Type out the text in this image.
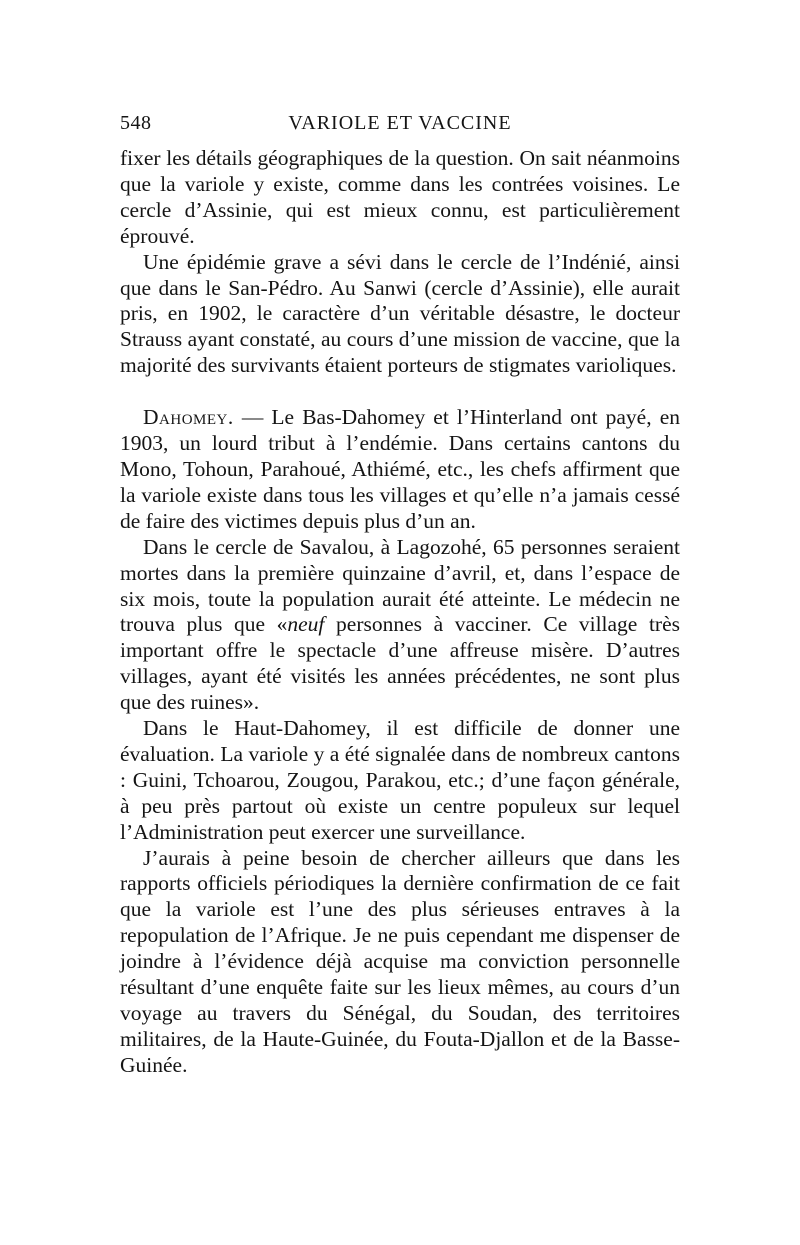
548	VARIOLE ET VACCINE

fixer les détails géographiques de la question. On sait néanmoins que la variole y existe, comme dans les contrées voisines. Le cercle d’Assinie, qui est mieux connu, est particulièrement éprouvé.

Une épidémie grave a sévi dans le cercle de l’Indénié, ainsi que dans le San-Pédro. Au Sanwi (cercle d’Assinie), elle aurait pris, en 1902, le caractère d’un véritable désastre, le docteur Strauss ayant constaté, au cours d’une mission de vaccine, que la majorité des survivants étaient porteurs de stigmates varioliques.

Dahomey. — Le Bas-Dahomey et l’Hinterland ont payé, en 1903, un lourd tribut à l’endémie. Dans certains cantons du Mono, Tohoun, Parahoué, Athiémé, etc., les chefs affirment que la variole existe dans tous les villages et qu’elle n’a jamais cessé de faire des victimes depuis plus d’un an.

Dans le cercle de Savalou, à Lagozohé, 65 personnes seraient mortes dans la première quinzaine d’avril, et, dans l’espace de six mois, toute la population aurait été atteinte. Le médecin ne trouva plus que «neuf personnes à vacciner. Ce village très important offre le spectacle d’une affreuse misère. D’autres villages, ayant été visités les années précédentes, ne sont plus que des ruines».

Dans le Haut-Dahomey, il est difficile de donner une évaluation. La variole y a été signalée dans de nombreux cantons : Guini, Tchoarou, Zougou, Parakou, etc.; d’une façon générale, à peu près partout où existe un centre populeux sur lequel l’Administration peut exercer une surveillance.

J’aurais à peine besoin de chercher ailleurs que dans les rapports officiels périodiques la dernière confirmation de ce fait que la variole est l’une des plus sérieuses entraves à la repopulation de l’Afrique. Je ne puis cependant me dispenser de joindre à l’évidence déjà acquise ma conviction personnelle résultant d’une enquête faite sur les lieux mêmes, au cours d’un voyage au travers du Sénégal, du Soudan, des territoires militaires, de la Haute-Guinée, du Fouta-Djallon et de la Basse-Guinée.
